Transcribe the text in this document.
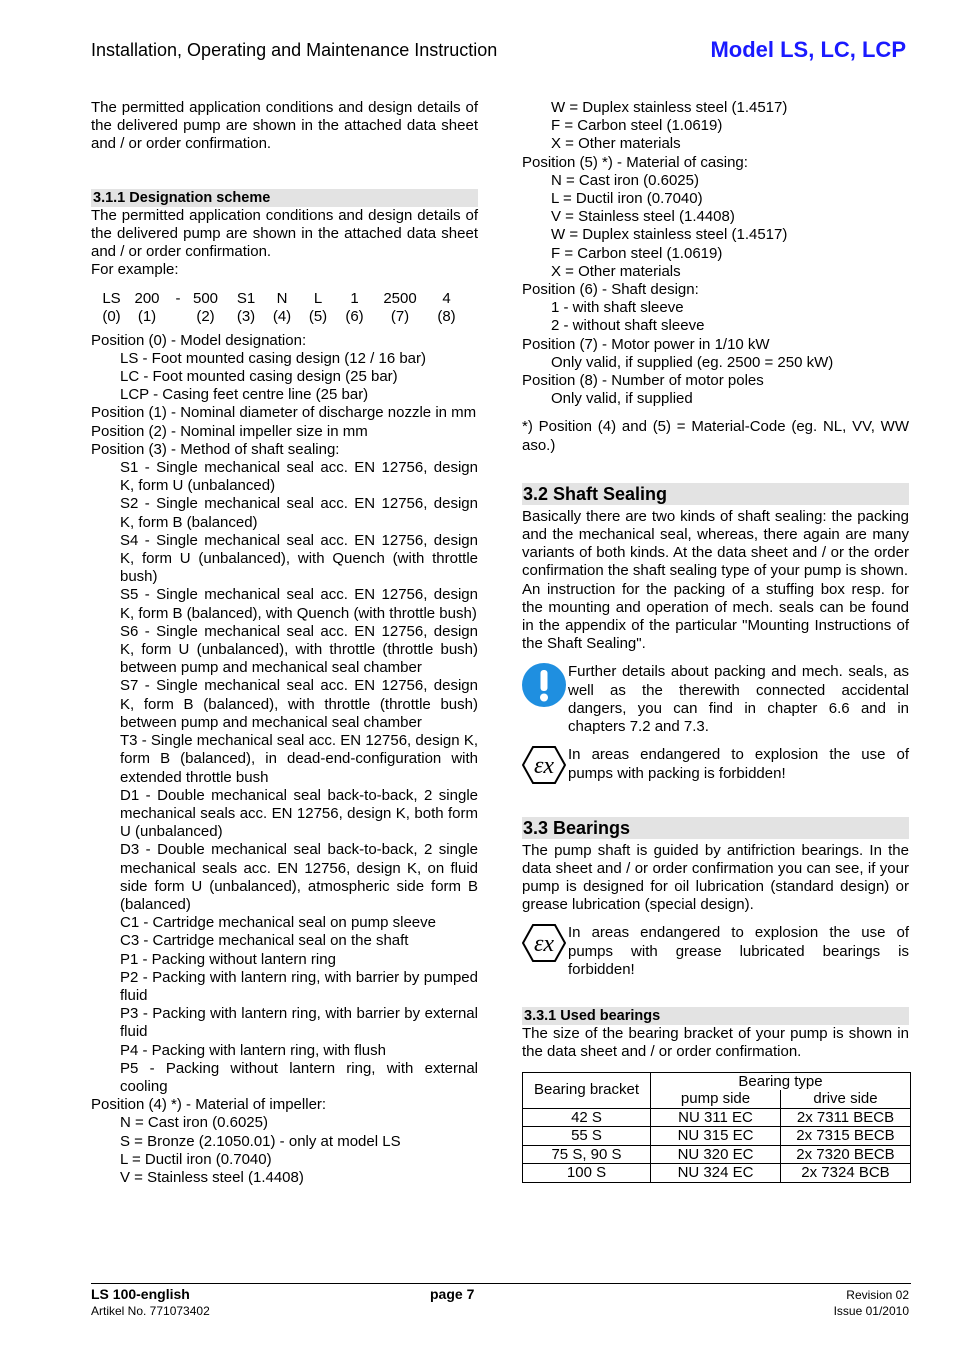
Installation, Operating and Maintenance Instruction	Model LS, LC, LCP

The permitted application conditions and design details of the delivered pump are shown in the attached data sheet and / or order confirmation.

3.1.1 Designation scheme

The permitted application conditions and design details of the delivered pump are shown in the attached data sheet and / or order confirmation.

For example:

LS	200	-	500	S1	N	L	1	2500	4
(0)	(1)		(2)	(3)	(4)	(5)	(6)	(7)	(8)

Position (0) - Model designation:

LS - Foot mounted casing design (12 / 16 bar)

LC - Foot mounted casing design (25 bar)

LCP - Casing feet centre line (25 bar)

Position (1) - Nominal diameter of discharge nozzle in mm

Position (2) - Nominal impeller size in mm

Position (3) - Method of shaft sealing:

S1 - Single mechanical seal acc. EN 12756, design K, form U (unbalanced)

S2 - Single mechanical seal acc. EN 12756, design K, form B (balanced)

S4 - Single mechanical seal acc. EN 12756, design K, form U (unbalanced), with Quench (with throttle bush)

S5 - Single mechanical seal acc. EN 12756, design K, form B (balanced), with Quench (with throttle bush)

S6 - Single mechanical seal acc. EN 12756, design K, form U (unbalanced), with throttle (throttle bush) between pump and mechanical seal chamber

S7 - Single mechanical seal acc. EN 12756, design K, form B (balanced), with throttle (throttle bush) between pump and mechanical seal chamber

T3 - Single mechanical seal acc. EN 12756, design K, form B (balanced), in dead-end-configuration with extended throttle bush

D1 - Double mechanical seal back-to-back, 2 single mechanical seals acc. EN 12756, design K, both form U (unbalanced)

D3 - Double mechanical seal back-to-back, 2 single mechanical seals acc. EN 12756, design K, on fluid side form U (unbalanced), atmospheric side form B (balanced)

C1 - Cartridge mechanical seal on pump sleeve

C3 - Cartridge mechanical seal on the shaft

P1 - Packing without lantern ring

P2 - Packing with lantern ring, with barrier by pumped fluid

P3 - Packing with lantern ring, with barrier by external fluid

P4 - Packing with lantern ring, with flush

P5 - Packing without lantern ring, with external cooling

Position (4) *) - Material of impeller:

N = Cast iron (0.6025)

S = Bronze (2.1050.01) - only at model LS

L = Ductil iron (0.7040)

V = Stainless steel (1.4408)

W = Duplex stainless steel (1.4517)

F = Carbon steel (1.0619)

X = Other materials

Position (5) *) - Material of casing:

N = Cast iron (0.6025)

L = Ductil iron (0.7040)

V = Stainless steel (1.4408)

W = Duplex stainless steel (1.4517)

F = Carbon steel (1.0619)

X = Other materials

Position (6) - Shaft design:

1 - with shaft sleeve

2 - without shaft sleeve

Position (7) - Motor power in 1/10 kW

Only valid, if supplied (eg. 2500 = 250 kW)

Position (8) - Number of motor poles

Only valid, if supplied

*) Position (4) and (5) = Material-Code (eg. NL, VV, WW aso.)

3.2 Shaft Sealing

Basically there are two kinds of shaft sealing: the packing and the mechanical seal, whereas, there again are many variants of both kinds. At the data sheet and / or the order confirmation the shaft sealing type of your pump is shown.

An instruction for the packing of a stuffing box resp. for the mounting and operation of mech. seals can be found in the appendix of the particular "Mounting Instructions of the Shaft Sealing".

Further details about packing and mech. seals, as well as the therewith connected accidental dangers, you can find in chapter 6.6 and in chapters 7.2 and 7.3.

εx In areas endangered to explosion the use of pumps with packing is forbidden!

3.3 Bearings

The pump shaft is guided by antifriction bearings. In the data sheet and / or order confirmation you can see, if your pump is designed for oil lubrication (standard design) or grease lubrication (special design).

εx In areas endangered to explosion the use of pumps with grease lubricated bearings is forbidden!

3.3.1 Used bearings

The size of the bearing bracket of your pump is shown in the data sheet and / or order confirmation.

Bearing bracket	Bearing type	
	pump side	drive side
42 S	NU 311 EC	2x 7311 BECB
55 S	NU 315 EC	2x 7315 BECB
75 S, 90 S	NU 320 EC	2x 7320 BECB
100 S	NU 324 EC	2x 7324 BCB
LS 100-english
Artikel No. 771073402
page 7	Revision 02
Issue 01/2010
